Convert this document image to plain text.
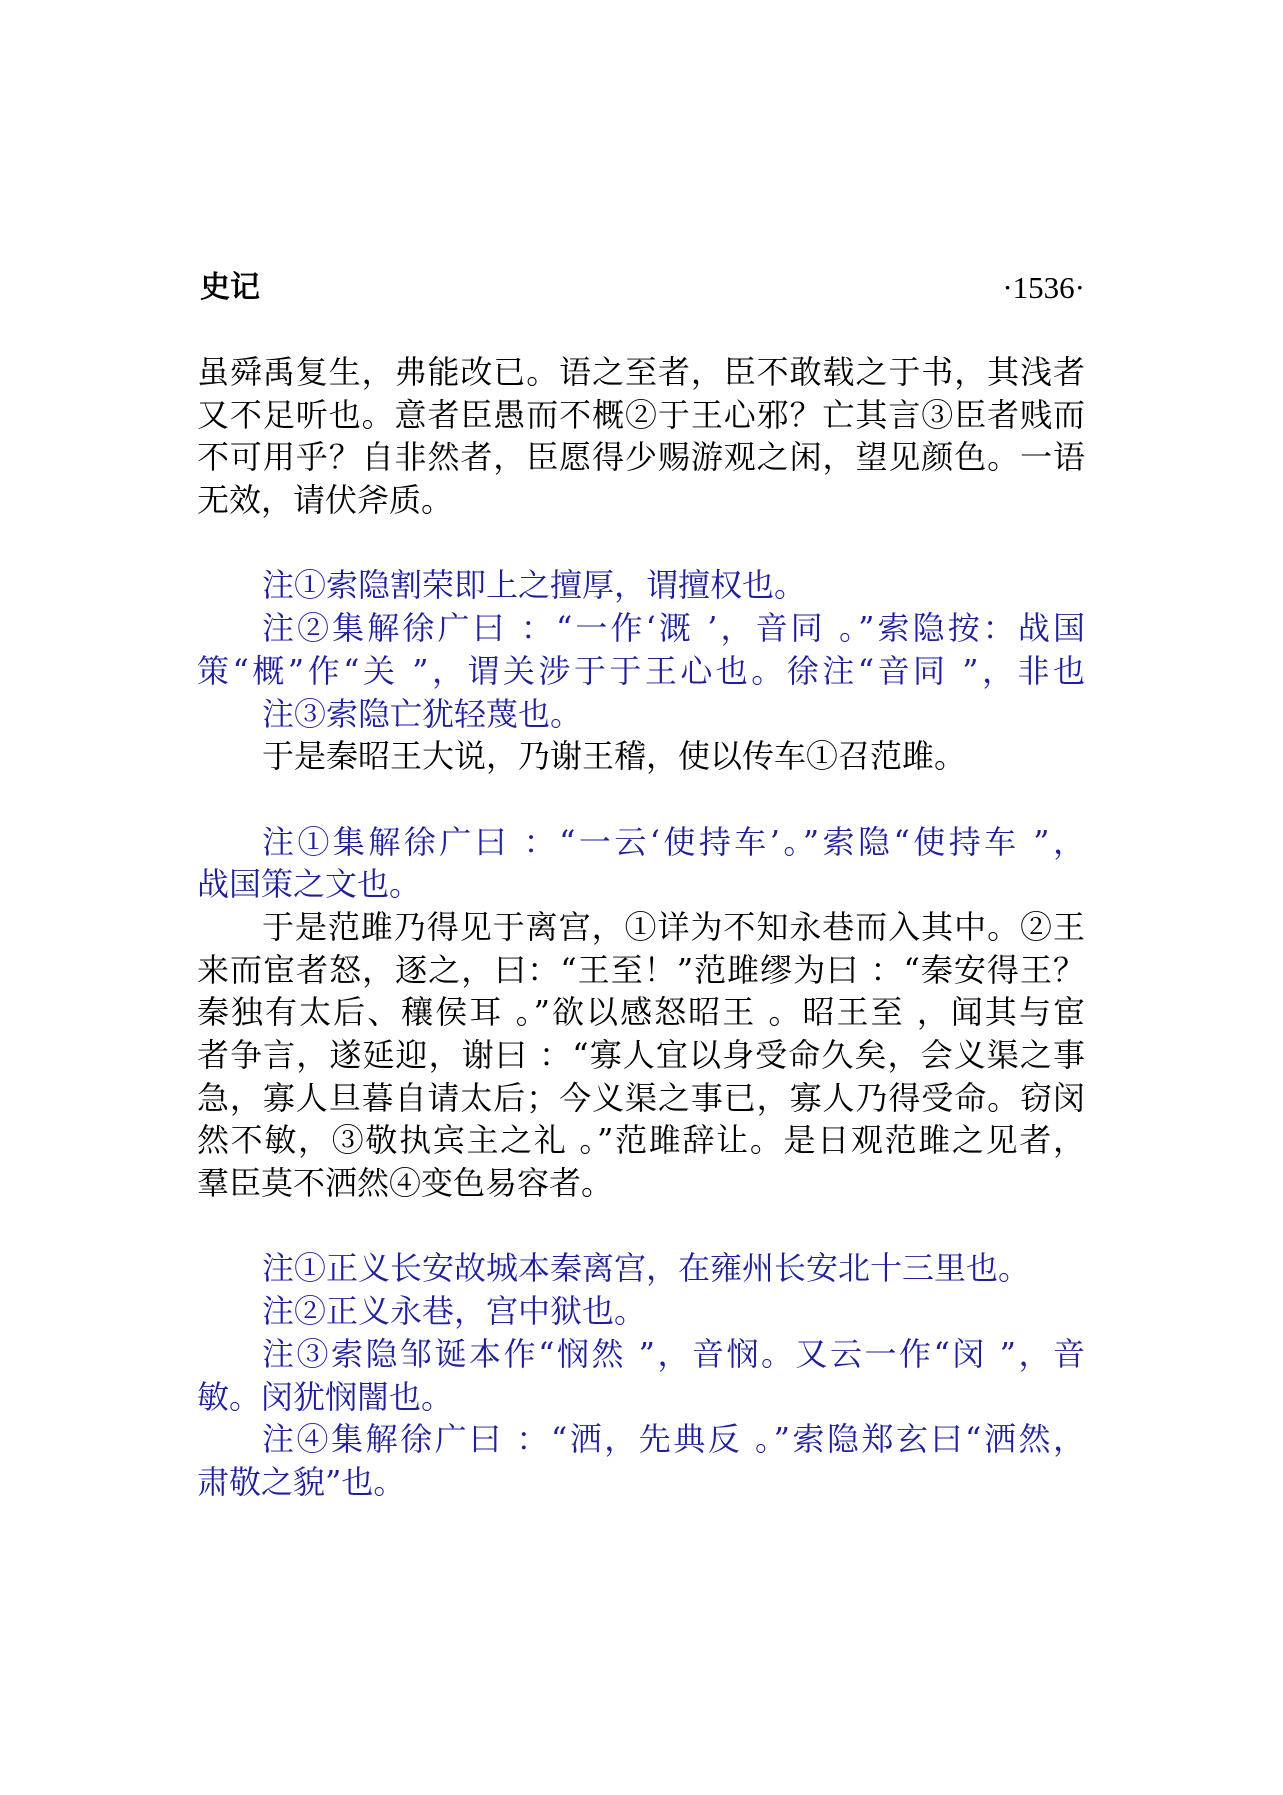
史记	·1536·
虽舜禹复生，弗能改已。语之至者，臣不敢载之于书，其浅者
又不足听也。意者臣愚而不概②于王心邪？亡其言③臣者贱而
不可用乎？自非然者，臣愿得少赐游观之闲，望见颜色。一语
无效，请伏斧质。
注①索隐割荣即上之擅厚，谓擅权也。
注②集解徐广曰 ：“一作‘溉 ’，音同 。”索隐按：战国
策“概”作“关 ”，谓关涉于于王心也。徐注“音同 ”，非也
注③索隐亡犹轻蔑也。
于是秦昭王大说，乃谢王稽，使以传车①召范雎。
注①集解徐广曰 ：“一云‘使持车’。”索隐“使持车 ”，
战国策之文也。
于是范雎乃得见于离宫，①详为不知永巷而入其中。②王
来而宦者怒，逐之，曰：“王至！”范雎缪为曰 ：“秦安得王？
秦独有太后、穰侯耳 。”欲以感怒昭王 。昭王至 ，闻其与宦
者争言，遂延迎，谢曰 ：“寡人宜以身受命久矣，会义渠之事
急，寡人旦暮自请太后；今义渠之事已，寡人乃得受命。窃闵
然不敏，③敬执宾主之礼 。”范雎辞让。是日观范雎之见者，
羣臣莫不洒然④变色易容者。
注①正义长安故城本秦离宫，在雍州长安北十三里也。
注②正义永巷，宫中狱也。
注③索隐邹诞本作“悯然 ”，音悯。又云一作“闵 ”，音
敏。闵犹悯闇也。
注④集解徐广曰 ：“洒，先典反 。”索隐郑玄曰“洒然，
肃敬之貌”也。
